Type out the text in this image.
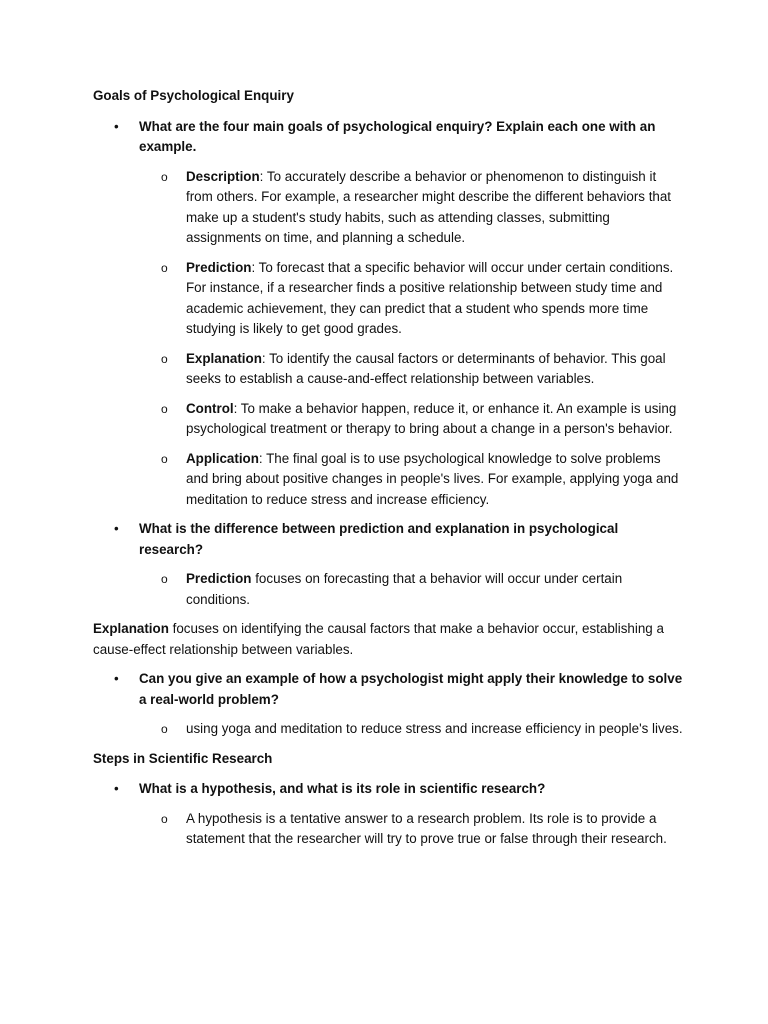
Goals of Psychological Enquiry
• What are the four main goals of psychological enquiry? Explain each one with an example.
o Description: To accurately describe a behavior or phenomenon to distinguish it from others. For example, a researcher might describe the different behaviors that make up a student's study habits, such as attending classes, submitting assignments on time, and planning a schedule.
o Prediction: To forecast that a specific behavior will occur under certain conditions. For instance, if a researcher finds a positive relationship between study time and academic achievement, they can predict that a student who spends more time studying is likely to get good grades.
o Explanation: To identify the causal factors or determinants of behavior. This goal seeks to establish a cause-and-effect relationship between variables.
o Control: To make a behavior happen, reduce it, or enhance it. An example is using psychological treatment or therapy to bring about a change in a person's behavior.
o Application: The final goal is to use psychological knowledge to solve problems and bring about positive changes in people's lives. For example, applying yoga and meditation to reduce stress and increase efficiency.
• What is the difference between prediction and explanation in psychological research?
o Prediction focuses on forecasting that a behavior will occur under certain conditions.
Explanation focuses on identifying the causal factors that make a behavior occur, establishing a cause-effect relationship between variables.
• Can you give an example of how a psychologist might apply their knowledge to solve a real-world problem?
o using yoga and meditation to reduce stress and increase efficiency in people's lives.
Steps in Scientific Research
• What is a hypothesis, and what is its role in scientific research?
o A hypothesis is a tentative answer to a research problem. Its role is to provide a statement that the researcher will try to prove true or false through their research.
